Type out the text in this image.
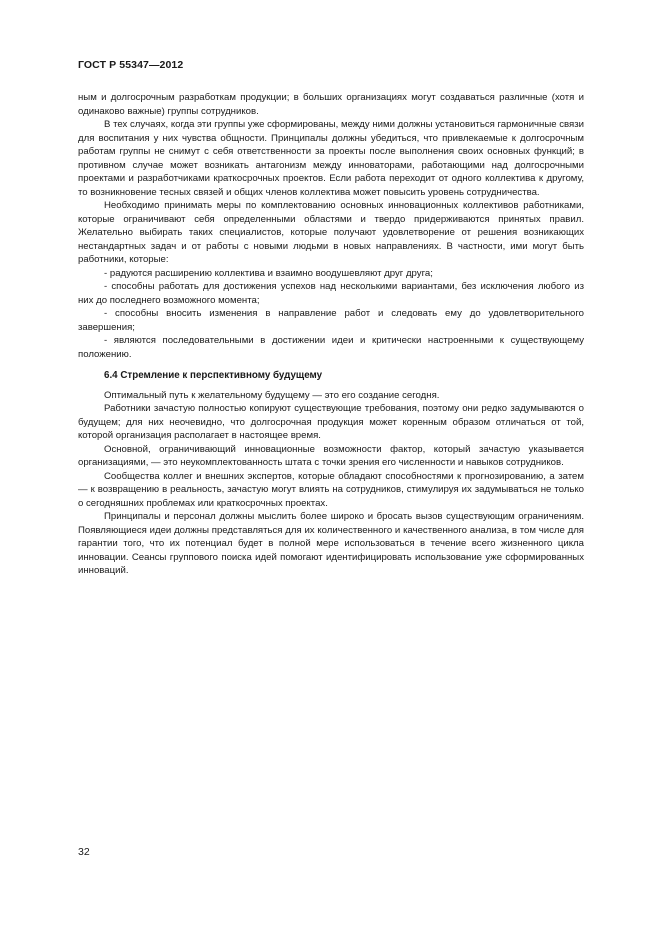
ГОСТ Р 55347—2012

ным и долгосрочным разработкам продукции; в больших организациях могут создаваться различные (хотя и одинаково важные) группы сотрудников.

В тех случаях, когда эти группы уже сформированы, между ними должны установиться гармоничные связи для воспитания у них чувства общности. Принципалы должны убедиться, что привлекаемые к долгосрочным работам группы не снимут с себя ответственности за проекты после выполнения своих основных функций; в противном случае может возникать антагонизм между инноваторами, работающими над долгосрочными проектами и разработчиками краткосрочных проектов. Если работа переходит от одного коллектива к другому, то возникновение тесных связей и общих членов коллектива может повысить уровень сотрудничества.

Необходимо принимать меры по комплектованию основных инновационных коллективов работниками, которые ограничивают себя определенными областями и твердо придерживаются принятых правил. Желательно выбирать таких специалистов, которые получают удовлетворение от решения возникающих нестандартных задач и от работы с новыми людьми в новых направлениях. В частности, ими могут быть работники, которые:

- радуются расширению коллектива и взаимно воодушевляют друг друга;

- способны работать для достижения успехов над несколькими вариантами, без исключения любого из них до последнего возможного момента;

- способны вносить изменения в направление работ и следовать ему до удовлетворительного завершения;

- являются последовательными в достижении идеи и критически настроенными к существующему положению.

6.4 Стремление к перспективному будущему

Оптимальный путь к желательному будущему — это его создание сегодня.

Работники зачастую полностью копируют существующие требования, поэтому они редко задумываются о будущем; для них неочевидно, что долгосрочная продукция может коренным образом отличаться от той, которой организация располагает в настоящее время.

Основной, ограничивающий инновационные возможности фактор, который зачастую указывается организациями, — это неукомплектованность штата с точки зрения его численности и навыков сотрудников.

Сообщества коллег и внешних экспертов, которые обладают способностями к прогнозированию, а затем — к возвращению в реальность, зачастую могут влиять на сотрудников, стимулируя их задумываться не только о сегодняшних проблемах или краткосрочных проектах.

Принципалы и персонал должны мыслить более широко и бросать вызов существующим ограничениям. Появляющиеся идеи должны представляться для их количественного и качественного анализа, в том числе для гарантии того, что их потенциал будет в полной мере использоваться в течение всего жизненного цикла инновации. Сеансы группового поиска идей помогают идентифицировать использование уже сформированных инноваций.

32
